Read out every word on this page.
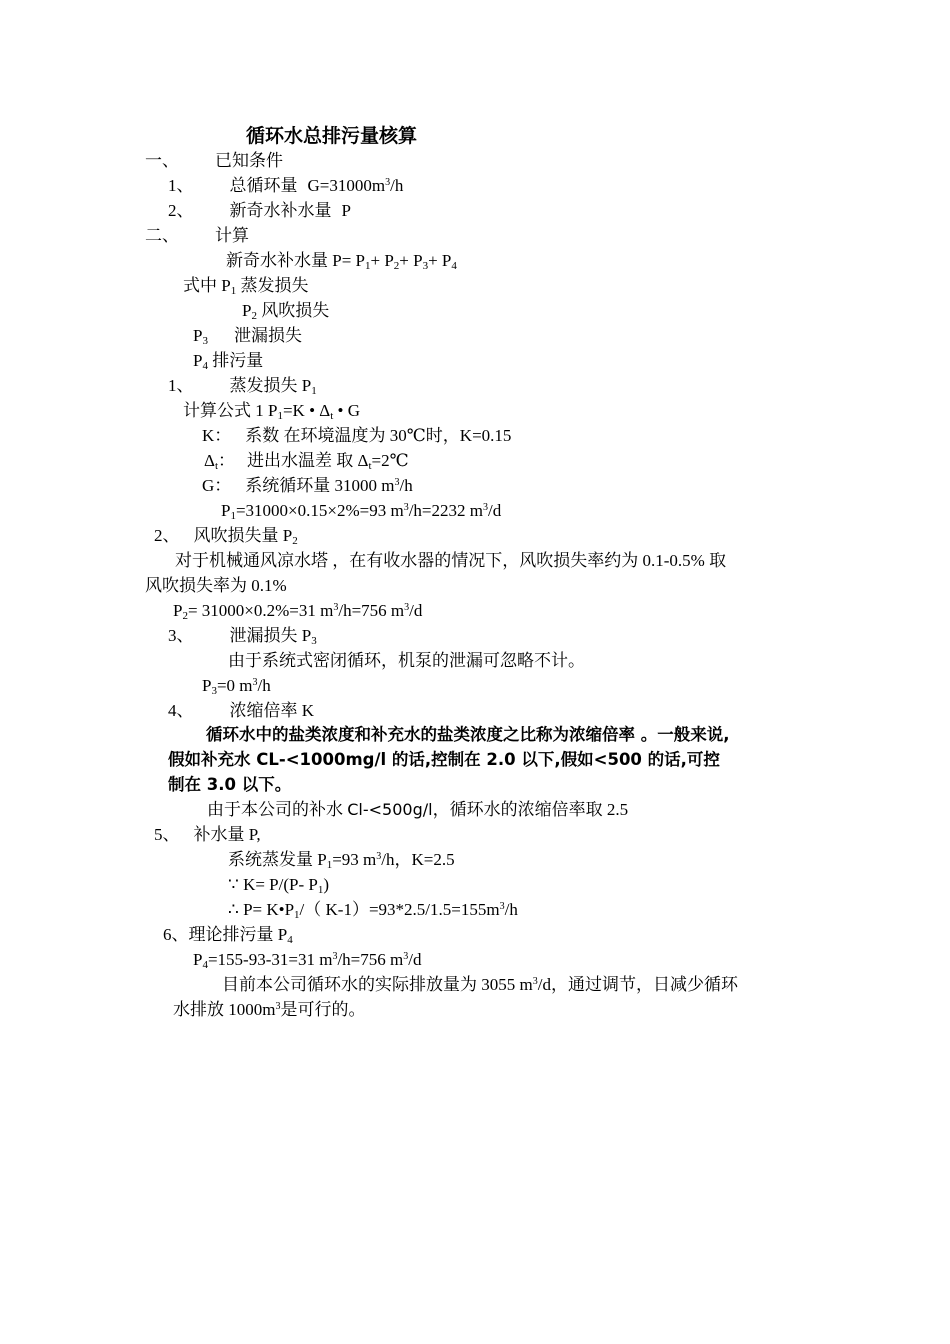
循环水总排污量核算
一、 已知条件
1、 总循环量 $G=31000m^3/h$
2、 新奇水补水量 P
二、 计算
新奇水补水量 $P= P_1+ P_2+ P_3+ P_4$
式中 $P_1$ 蒸发损失
$P_2$ 风吹损失
$P_3$ 泄漏损失
$P_4$ 排污量
1、 蒸发损失 $P_1$
计算公式 1 $P_1=K$ • $\Delta_t$ • G
K： 系数 在环境温度为 30℃时，K=0.15
$\Delta_t$： 进出水温差 取 $\Delta_t=2℃$
G： 系统循环量 31000 $m^3/h$
$P_1=31000\times 0.15\times 2\%=93$ $m^3/h=2232$ $m^3/d$
2、 风吹损失量 $P_2$
对于机械通风凉水塔 ，在有收水器的情况下，风吹损失率约为 0.1-0.5% 取
风吹损失率为 0.1%
$P_2= 31000\times 0.2\%=31$ $m^3/h=756$ $m^3/d$
3、 泄漏损失 $P_3$
由于系统式密闭循环，机泵的泄漏可忽略不计。
$P_3=0$ $m^3/h$
4、 浓缩倍率 K
循环水中的盐类浓度和补充水的盐类浓度之比称为浓缩倍率 。一般来说,
假如补充水 CL-<1000mg/l 的话,控制在 2.0 以下,假如<500 的话,可控
制在 3.0 以下。
由于本公司的补水 Cl-<500g/l，循环水的浓缩倍率取 2.5
5、 补水量 P,
系统蒸发量 $P_1=93$ $m^3/h$，K=2.5
∵ K= P/(P- $P_1$)
∴ $P= K•P_1/$（ $K-1)=93*2.5/1.5=155m^3/h$
6、理论排污量 $P_4$
$P_4=155-93-31=31$ $m^3/h=756$ $m^3/d$
目前本公司循环水的实际排放量为 3055 $m^3/d$，通过调节，日减少循环
水排放 $1000m^3$是可行的。
